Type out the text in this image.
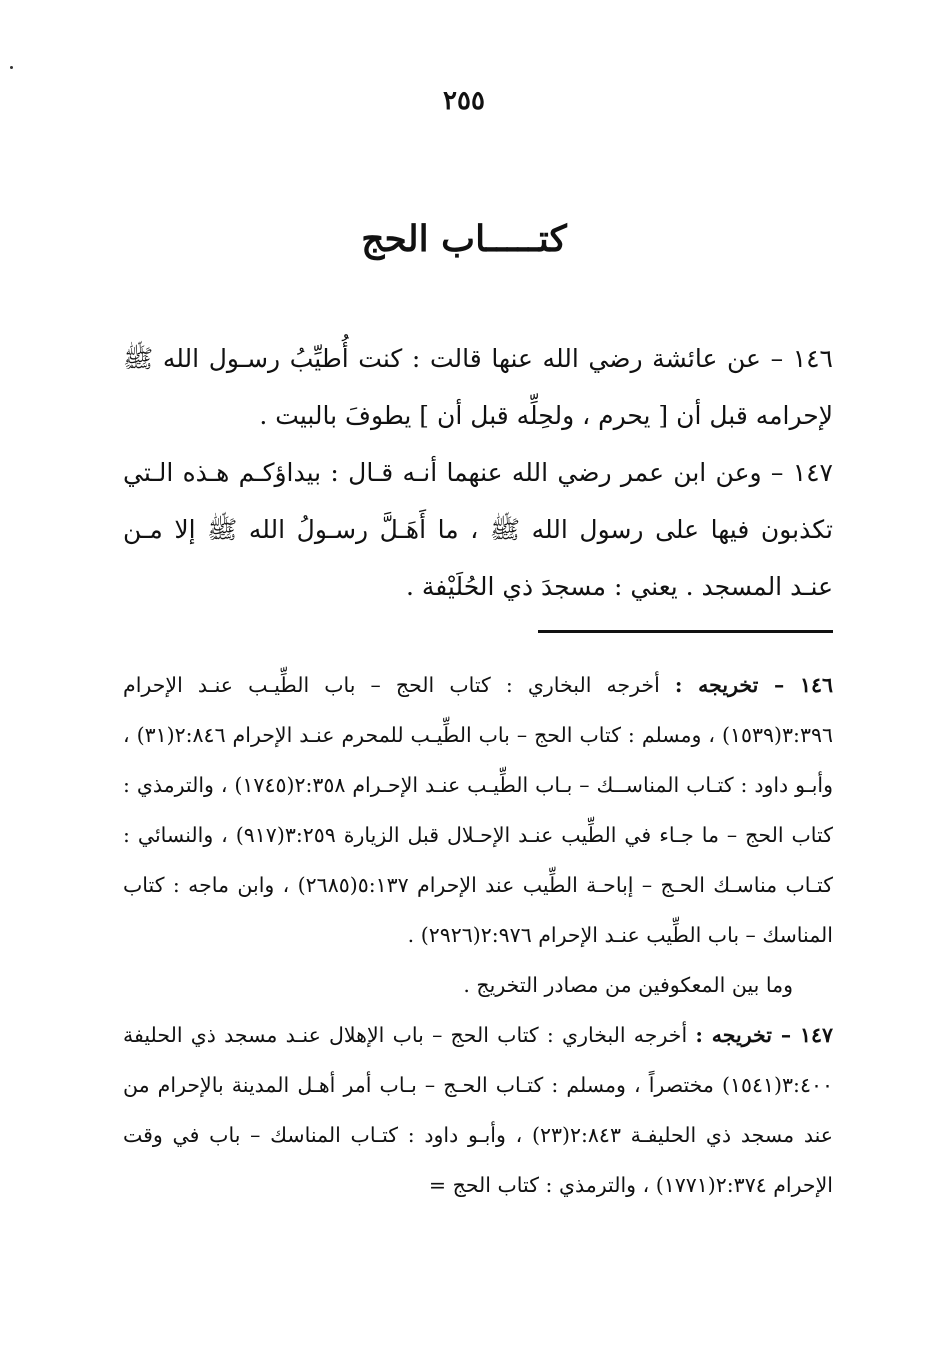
٢٥٥
كتـــــاب الحج

١٤٦ – عن عائشة رضي الله عنها قالت : كنت أُطيِّبُ رسـول الله ﷺ لإحرامه قبل أن [ يحرم ، ولحِلِّه قبل أن ] يطوفَ بالبيت .

١٤٧ – وعن ابن عمر رضي الله عنهما أنـه قـال : بيداؤكـم هـذه الـتي تكذبون فيها على رسول الله ﷺ ، ما أَهَـلَّ رسـولُ الله ﷺ إلا مـن عنـد المسجد . يعني : مسجدَ ذي الحُلَيْفة .

١٤٦ – تخريجه : أخرجه البخاري : كتاب الحج – باب الطِّيـب عنـد الإحرام ٣:٣٩٦(١٥٣٩) ، ومسلم : كتاب الحج – باب الطِّيـب للمحرم عنـد الإحرام ٢:٨٤٦(٣١) ، وأبـو داود : كتـاب المناســك – بـاب الطِّيـب عنـد الإحـرام ٢:٣٥٨(١٧٤٥) ، والترمذي : كتاب الحج – ما جـاء في الطِّيب عنـد الإحـلال قبل الزيارة ٣:٢٥٩(٩١٧) ، والنسائي : كتـاب مناسـك الحـج – إباحـة الطِّيب عند الإحرام ٥:١٣٧(٢٦٨٥) ، وابن ماجه : كتاب المناسك – باب الطِّيب عنـد الإحرام ٢:٩٧٦(٢٩٢٦) .

وما بين المعكوفين من مصادر التخريج .

١٤٧ – تخريجه : أخرجه البخاري : كتاب الحج – باب الإهلال عنـد مسجد ذي الحليفة ٣:٤٠٠(١٥٤١) مختصراً ، ومسلم : كتـاب الحـج – بـاب أمر أهـل المدينة بالإحرام من عند مسجد ذي الحليفـة ٢:٨٤٣(٢٣) ، وأبـو داود : كتـاب المناسك – باب في وقت الإحرام ٢:٣٧٤(١٧٧١) ، والترمذي : كتاب الحج =
